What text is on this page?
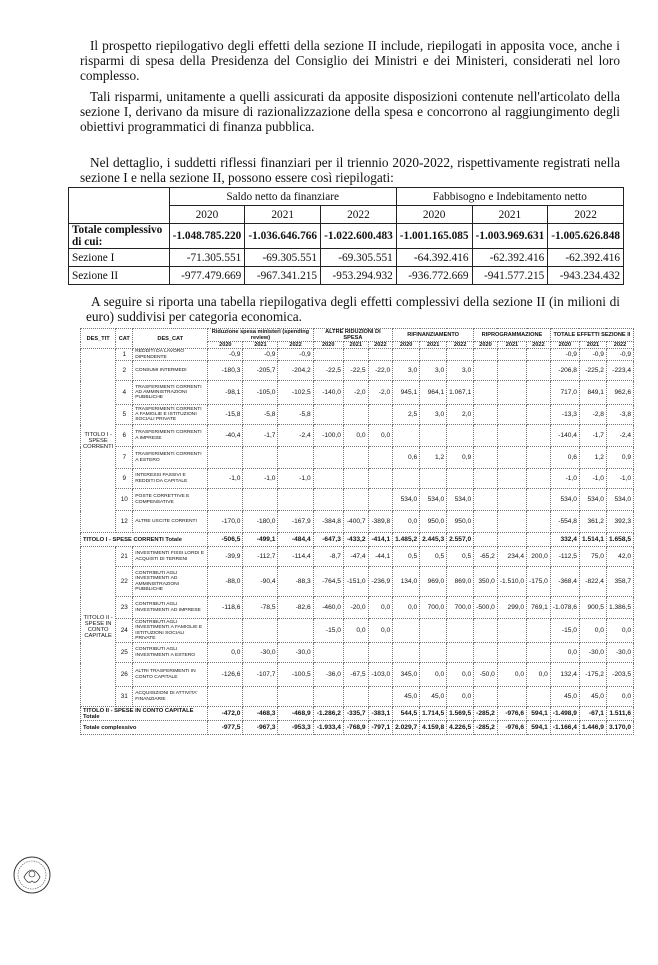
Il prospetto riepilogativo degli effetti della sezione II include, riepilogati in apposita voce, anche i risparmi di spesa della Presidenza del Consiglio dei Ministri e dei Ministeri, considerati nel loro complesso.

Tali risparmi, unitamente a quelli assicurati da apposite disposizioni contenute nell'articolato della sezione I, derivano da misure di razionalizzazione della spesa e concorrono al raggiungimento degli obiettivi programmatici di finanza pubblica.

Nel dettaglio, i suddetti riflessi finanziari per il triennio 2020-2022, rispettivamente registrati nella sezione I e nella sezione II, possono essere così riepilogati:

	Saldo netto da finanziare			Fabbisogno e Indebitamento netto		
	2020	2021	2022	2020	2021	2022
Totale complessivo di cui:	-1.048.785.220	-1.036.646.766	-1.022.600.483	-1.001.165.085	-1.003.969.631	-1.005.626.848
Sezione I	-71.305.551	-69.305.551	-69.305.551	-64.392.416	-62.392.416	-62.392.416
Sezione II	-977.479.669	-967.341.215	-953.294.932	-936.772.669	-941.577.215	-943.234.432

A seguire si riporta una tabella riepilogativa degli effetti complessivi della sezione II (in milioni di euro) suddivisi per categoria economica.

DES_TIT	CAT	DES_CAT	Riduzione spesa ministeri (spending review)			ALTRE RIDUZIONI DI SPESA			RIFINANZIAMENTO			RIPROGRAMMAZIONE			TOTALE EFFETTI SEZIONE II		
			2020	2021	2022	2020	2021	2022	2020	2021	2022	2020	2021	2022	2020	2021	2022
TITOLO I - SPESE CORRENTI	1	REDDITI DA LAVORO DIPENDENTE	-0,9	-0,9	-0,9										-0,9	-0,9	-0,9
	2	CONSUMI INTERMEDI	-180,3	-205,7	-204,2	-22,5	-22,5	-22,0	3,0	3,0	3,0				-206,8	-225,2	-223,4
	4	TRASFERIMENTI CORRENTI AD AMMINISTRAZIONI PUBBLICHE	-98,1	-105,0	-102,5	-140,0	-2,0	-2,0	945,1	964,1	1.067,1				717,0	849,1	962,6
	5	TRASFERIMENTI CORRENTI A FAMIGLIE E ISTITUZIONI SOCIALI PRIVATE	-15,8	-5,8	-5,8				2,5	3,0	2,0				-13,3	-2,8	-3,8
	6	TRASFERIMENTI CORRENTI A IMPRESE	-40,4	-1,7	-2,4	-100,0	0,0	0,0							-140,4	-1,7	-2,4
	7	TRASFERIMENTI CORRENTI A ESTERO							0,6	1,2	0,9				0,6	1,2	0,9
	9	INTERESSI PASSIVI E REDDITI DA CAPITALE	-1,0	-1,0	-1,0										-1,0	-1,0	-1,0
	10	POSTE CORRETTIVE E COMPENSATIVE							534,0	534,0	534,0				534,0	534,0	534,0
	12	ALTRE USCITE CORRENTI	-170,0	-180,0	-167,9	-384,8	-400,7	-389,8	0,0	950,0	950,0				-554,8	361,2	392,3
TITOLO I - SPESE CORRENTI Totale			-506,5	-499,1	-484,4	-647,3	-433,2	-414,1	1.485,2	2.445,3	2.557,0				332,4	1.514,1	1.658,5
TITOLO II - SPESE IN CONTO CAPITALE	21	INVESTIMENTI FISSI LORDI E ACQUISTI DI TERRENI	-39,9	-112,7	-114,4	-8,7	-47,4	-44,1	0,5	0,5	0,5	-65,2	234,4	200,0	-112,5	75,0	42,0
	22	CONTRIBUTI AGLI INVESTIMENTI AD AMMINISTRAZIONI PUBBLICHE	-88,0	-90,4	-88,3	-764,5	-151,0	-236,9	134,0	969,0	869,0	350,0	-1.510,0	-175,0	-368,4	-822,4	358,7
	23	CONTRIBUTI AGLI INVESTIMENTI AD IMPRESE	-118,6	-78,5	-82,6	-460,0	-20,0	0,0	0,0	700,0	700,0	-500,0	299,0	769,1	-1.078,6	900,5	1.386,5
	24	CONTRIBUTI AGLI INVESTIMENTI A FAMIGLIE E ISTITUZIONI SOCIALI PRIVATE				-15,0	0,0	0,0							-15,0	0,0	0,0
	25	CONTRIBUTI AGLI INVESTIMENTI A ESTERO	0,0	-30,0	-30,0										0,0	-30,0	-30,0
	26	ALTRI TRASFERIMENTI IN CONTO CAPITALE	-126,6	-107,7	-100,5	-36,0	-67,5	-103,0	345,0	0,0	0,0	-50,0	0,0	0,0	132,4	-175,2	-203,5
	31	ACQUISIZIONI DI ATTIVITA' FINANZIARIE							45,0	45,0	0,0				45,0	45,0	0,0
TITOLO II - SPESE IN CONTO CAPITALE Totale			-472,0	-468,3	-468,9	-1.286,2	-335,7	-383,1	544,5	1.714,5	1.569,5	-285,2	-976,6	594,1	-1.498,9	-67,1	1.511,6
Totale complessivo			-977,5	-967,3	-953,3	-1.933,4	-768,9	-797,1	2.029,7	4.159,8	4.226,5	-285,2	-976,6	594,1	-1.166,4	1.446,9	3.170,0
